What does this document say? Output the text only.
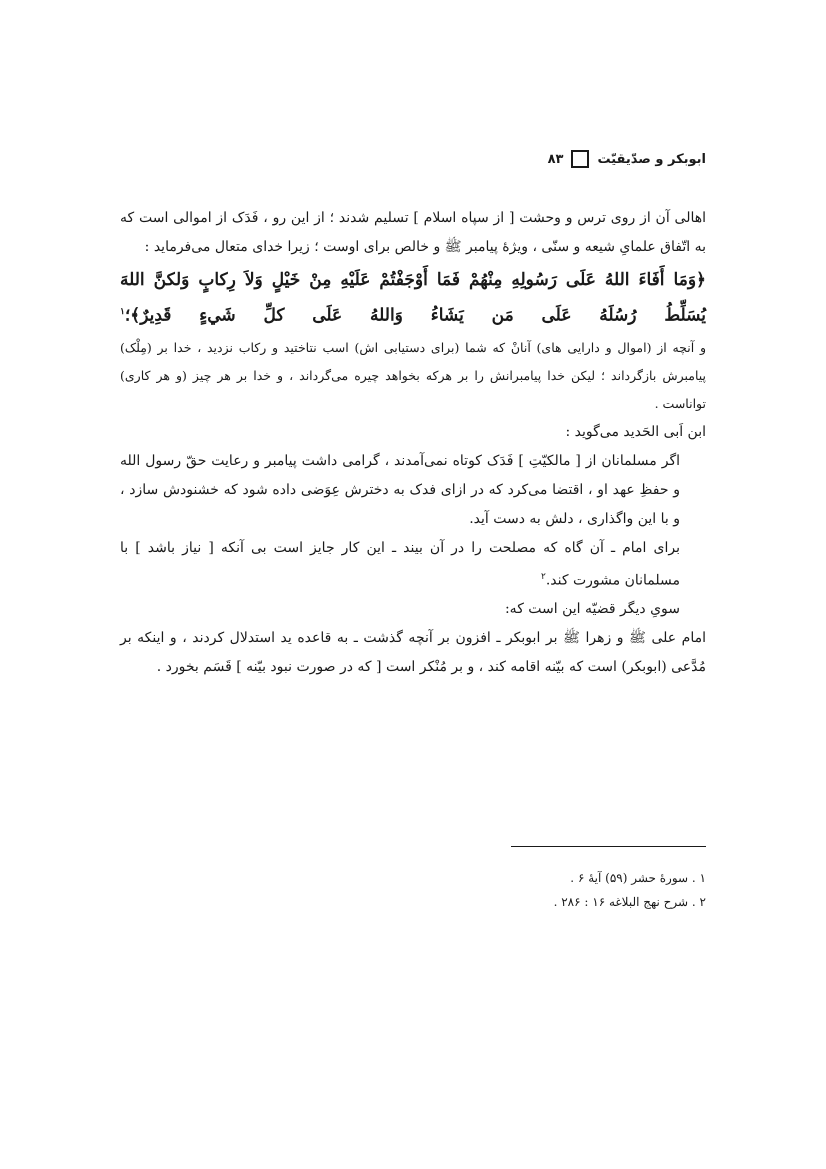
ابوبکر و صدّیقیّت
۸۳

اهالی آن از روی ترس و وحشت [ از سپاه اسلام ] تسلیم شدند ؛ از این رو ، فَدَک از اموالی است که به اتّفاق علمایِ شیعه و سنّی ، ویژهٔ پیامبر ﷺ و خالص برای اوست ؛ زیرا خدای متعال می‌فرماید :

﴿وَمَا أَفَاءَ اللهُ عَلَى رَسُولِهِ مِنْهُمْ فَمَا أَوْجَفْتُمْ عَلَيْهِ مِنْ خَيْلٍ وَلاَ رِكابٍ وَلكنَّ اللهَ يُسَلِّطُ رُسُلَهُ عَلَى مَن يَشَاءُ وَاللهُ عَلَى كلِّ شَيءٍ قَدِيرٌ﴾؛$^۱$

و آنچه از (اموال و دارایی های) آنانْ که شما (برای دستیابی اش) اسب نتاختید و رکاب نزدید ، خدا بر (مِلْک) پیامبرش بازگرداند ؛ لیکن خدا پیامبرانش را بر هرکه بخواهد چیره می‌گرداند ، و خدا بر هر چیز (و هر کاری) تواناست .

ابن اَبی الحَدید می‌گوید :

اگر مسلمانان از [ مالکیّتِ ] فَدَک کوتاه نمی‌آمدند ، گرامی داشت پیامبر و رعایت حقّ رسول الله و حفظِ عهد او ، اقتضا می‌کرد که در ازای فدک به دخترش عِوَضی داده شود که خشنودش سازد ، و با این واگذاری ، دلش به دست آید.

برای امام ـ آن گاه که مصلحت را در آن بیند ـ این کار جایز است بی آنکه [ نیاز باشد ] با مسلمانان مشورت کند.$^۲$

سویِ دیگر قضیّه این است که:

امام علی ﷺ و زهرا ﷺ بر ابوبکر ـ افزون بر آنچه گذشت ـ به قاعده ید استدلال کردند ، و اینکه بر مُدَّعی (ابوبکر) است که بیّنه اقامه کند ، و بر مُنْکر است [ که در صورت نبود بیّنه ] قَسَم بخورد .

۱ . سورهٔ حشر (۵۹) آیهٔ ۶ .
۲ . شرح نهج البلاغه ۱۶ : ۲۸۶ .
